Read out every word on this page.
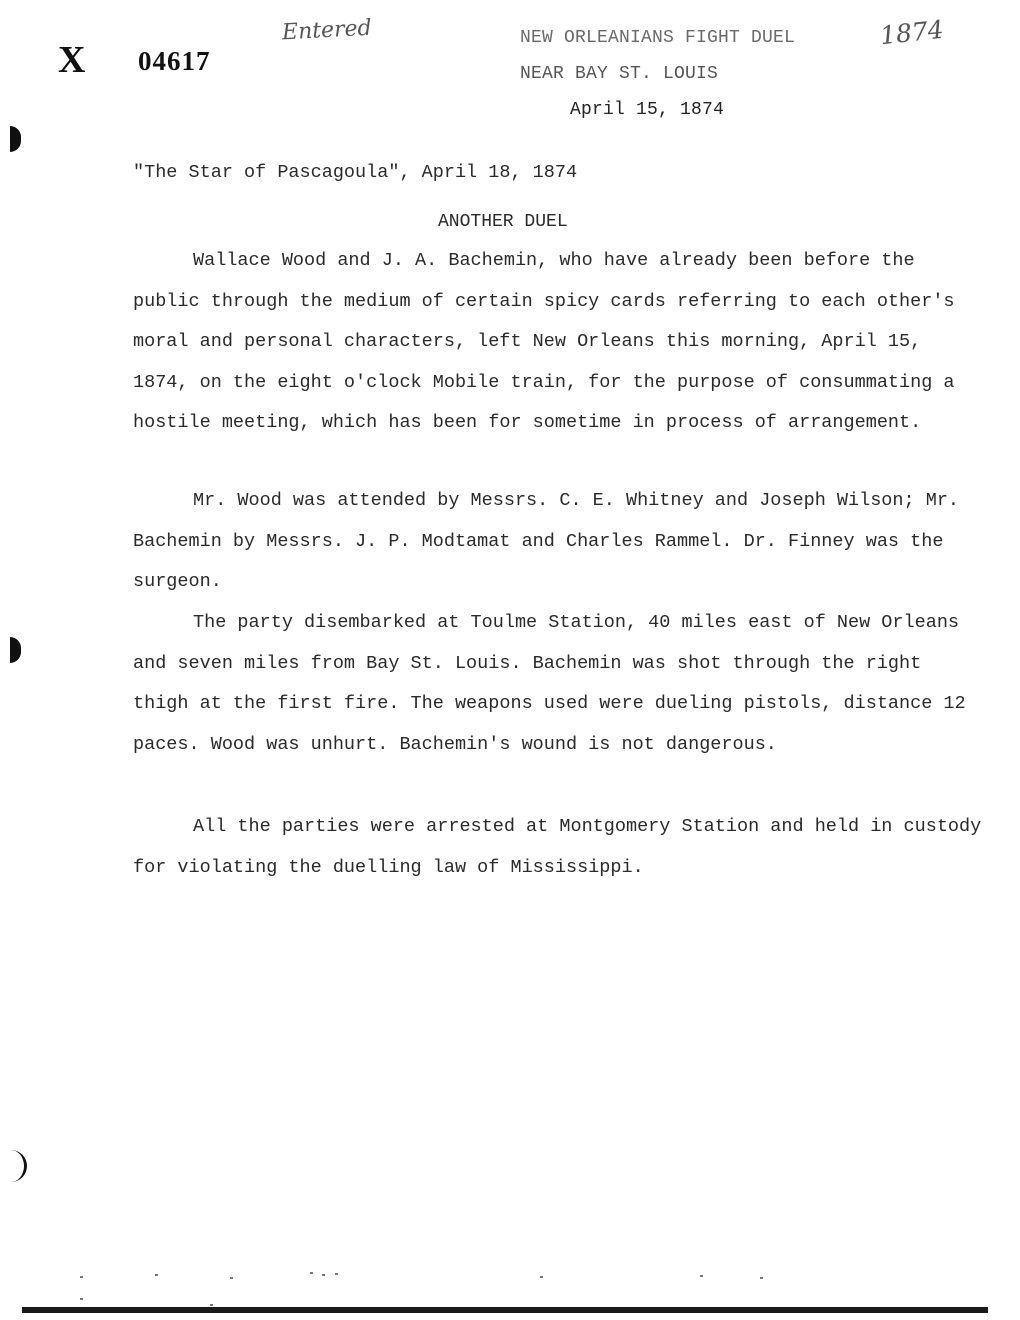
X 04617
Entered	1874
NEW ORLEANIANS FIGHT DUEL
NEAR BAY ST. LOUIS
April 15, 1874
"The Star of Pascagoula", April 18, 1874
ANOTHER DUEL
Wallace Wood and J. A. Bachemin, who have already been before the public through the medium of certain spicy cards referring to each other's moral and personal characters, left New Orleans this morning, April 15, 1874, on the eight o'clock Mobile train, for the purpose of consummating a hostile meeting, which has been for sometime in process of arrangement.
Mr. Wood was attended by Messrs. C. E. Whitney and Joseph Wilson; Mr. Bachemin by Messrs. J. P. Modtamat and Charles Rammel. Dr. Finney was the surgeon.
The party disembarked at Toulme Station, 40 miles east of New Orleans and seven miles from Bay St. Louis. Bachemin was shot through the right thigh at the first fire. The weapons used were dueling pistols, distance 12 paces. Wood was unhurt. Bachemin's wound is not dangerous.
All the parties were arrested at Montgomery Station and held in custody for violating the duelling law of Mississippi.
